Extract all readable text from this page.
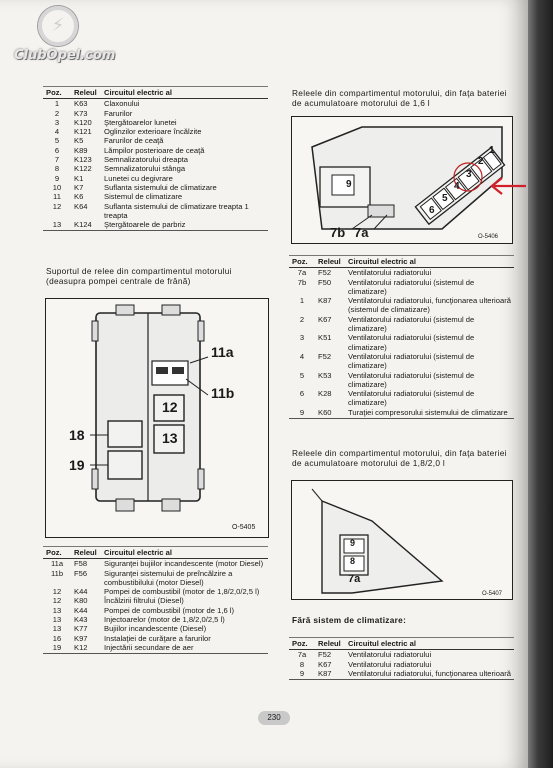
⚡
ClubOpel.com
Poz.	Releul	Circuitul electric al
1	K63	Claxonului
2	K73	Farurilor
3	K120	Ştergătoarelor lunetei
4	K121	Oglinzilor exterioare încălzite
5	K5	Farurilor de ceaţă
6	K89	Lămpilor posterioare de ceaţă
7	K123	Semnalizatorului dreapta
8	K122	Semnalizatorului stânga
9	K1	Lunetei cu degivrare
10	K7	Suflanta sistemului de climatizare
11	K6	Sistemul de climatizare
12	K64	Suflanta sistemului de climatizare treapta 1 treapta
13	K124	Ştergătoarele de parbriz
Suportul de relee din compartimentul motorului
(deasupra pompei centrale de frână)
11a
11b
12
13
18
19
O-5405
Poz.	Releul	Circuitul electric al
11a	F58	Siguranţei bujiilor incandescente (motor Diesel)
11b	F56	Siguranţei sistemului de preîncălzire a combustibilului (motor Diesel)
12	K44	Pompei de combustibil (motor de 1,8/2,0/2,5 l)
12	K80	Încălzirii filtrului (Diesel)
13	K44	Pompei de combustibil (motor de 1,6 l)
13	K43	Injectoarelor (motor de 1,8/2,0/2,5 l)
13	K77	Bujiilor incandescente (Diesel)
16	K97	Instalaţiei de curăţare a farurilor
19	K12	Injectării secundare de aer
Releele din compartimentul motorului, din faţa bateriei de acumulatoare motorului de 1,6 l
7b 7a
9
1
2
3
4
5
6
O-5406
Poz.	Releul	Circuitul electric al
7a	F52	Ventilatorului radiatorului
7b	F50	Ventilatorului radiatorului (sistemul de climatizare)
1	K87	Ventilatorului radiatorului, funcţionarea ulterioară (sistemul de climatizare)
2	K67	Ventilatorului radiatorului (sistemul de climatizare)
3	K51	Ventilatorului radiatorului (sistemul de climatizare)
4	F52	Ventilatorului radiatorului (sistemul de climatizare)
5	K53	Ventilatorului radiatorului (sistemul de climatizare)
6	K28	Ventilatorului radiatorului (sistemul de climatizare)
9	K60	Turaţiei compresorului sistemului de climatizare
Releele din compartimentul motorului, din faţa bateriei de acumulatoare motorului de 1,8/2,0 l
9
8
7a
O-5407
Fără sistem de climatizare:
Poz.	Releul	Circuitul electric al
7a	F52	Ventilatorului radiatorului
8	K67	Ventilatorului radiatorului
9	K87	Ventilatorului radiatorului, funcţionarea ulterioară
230
